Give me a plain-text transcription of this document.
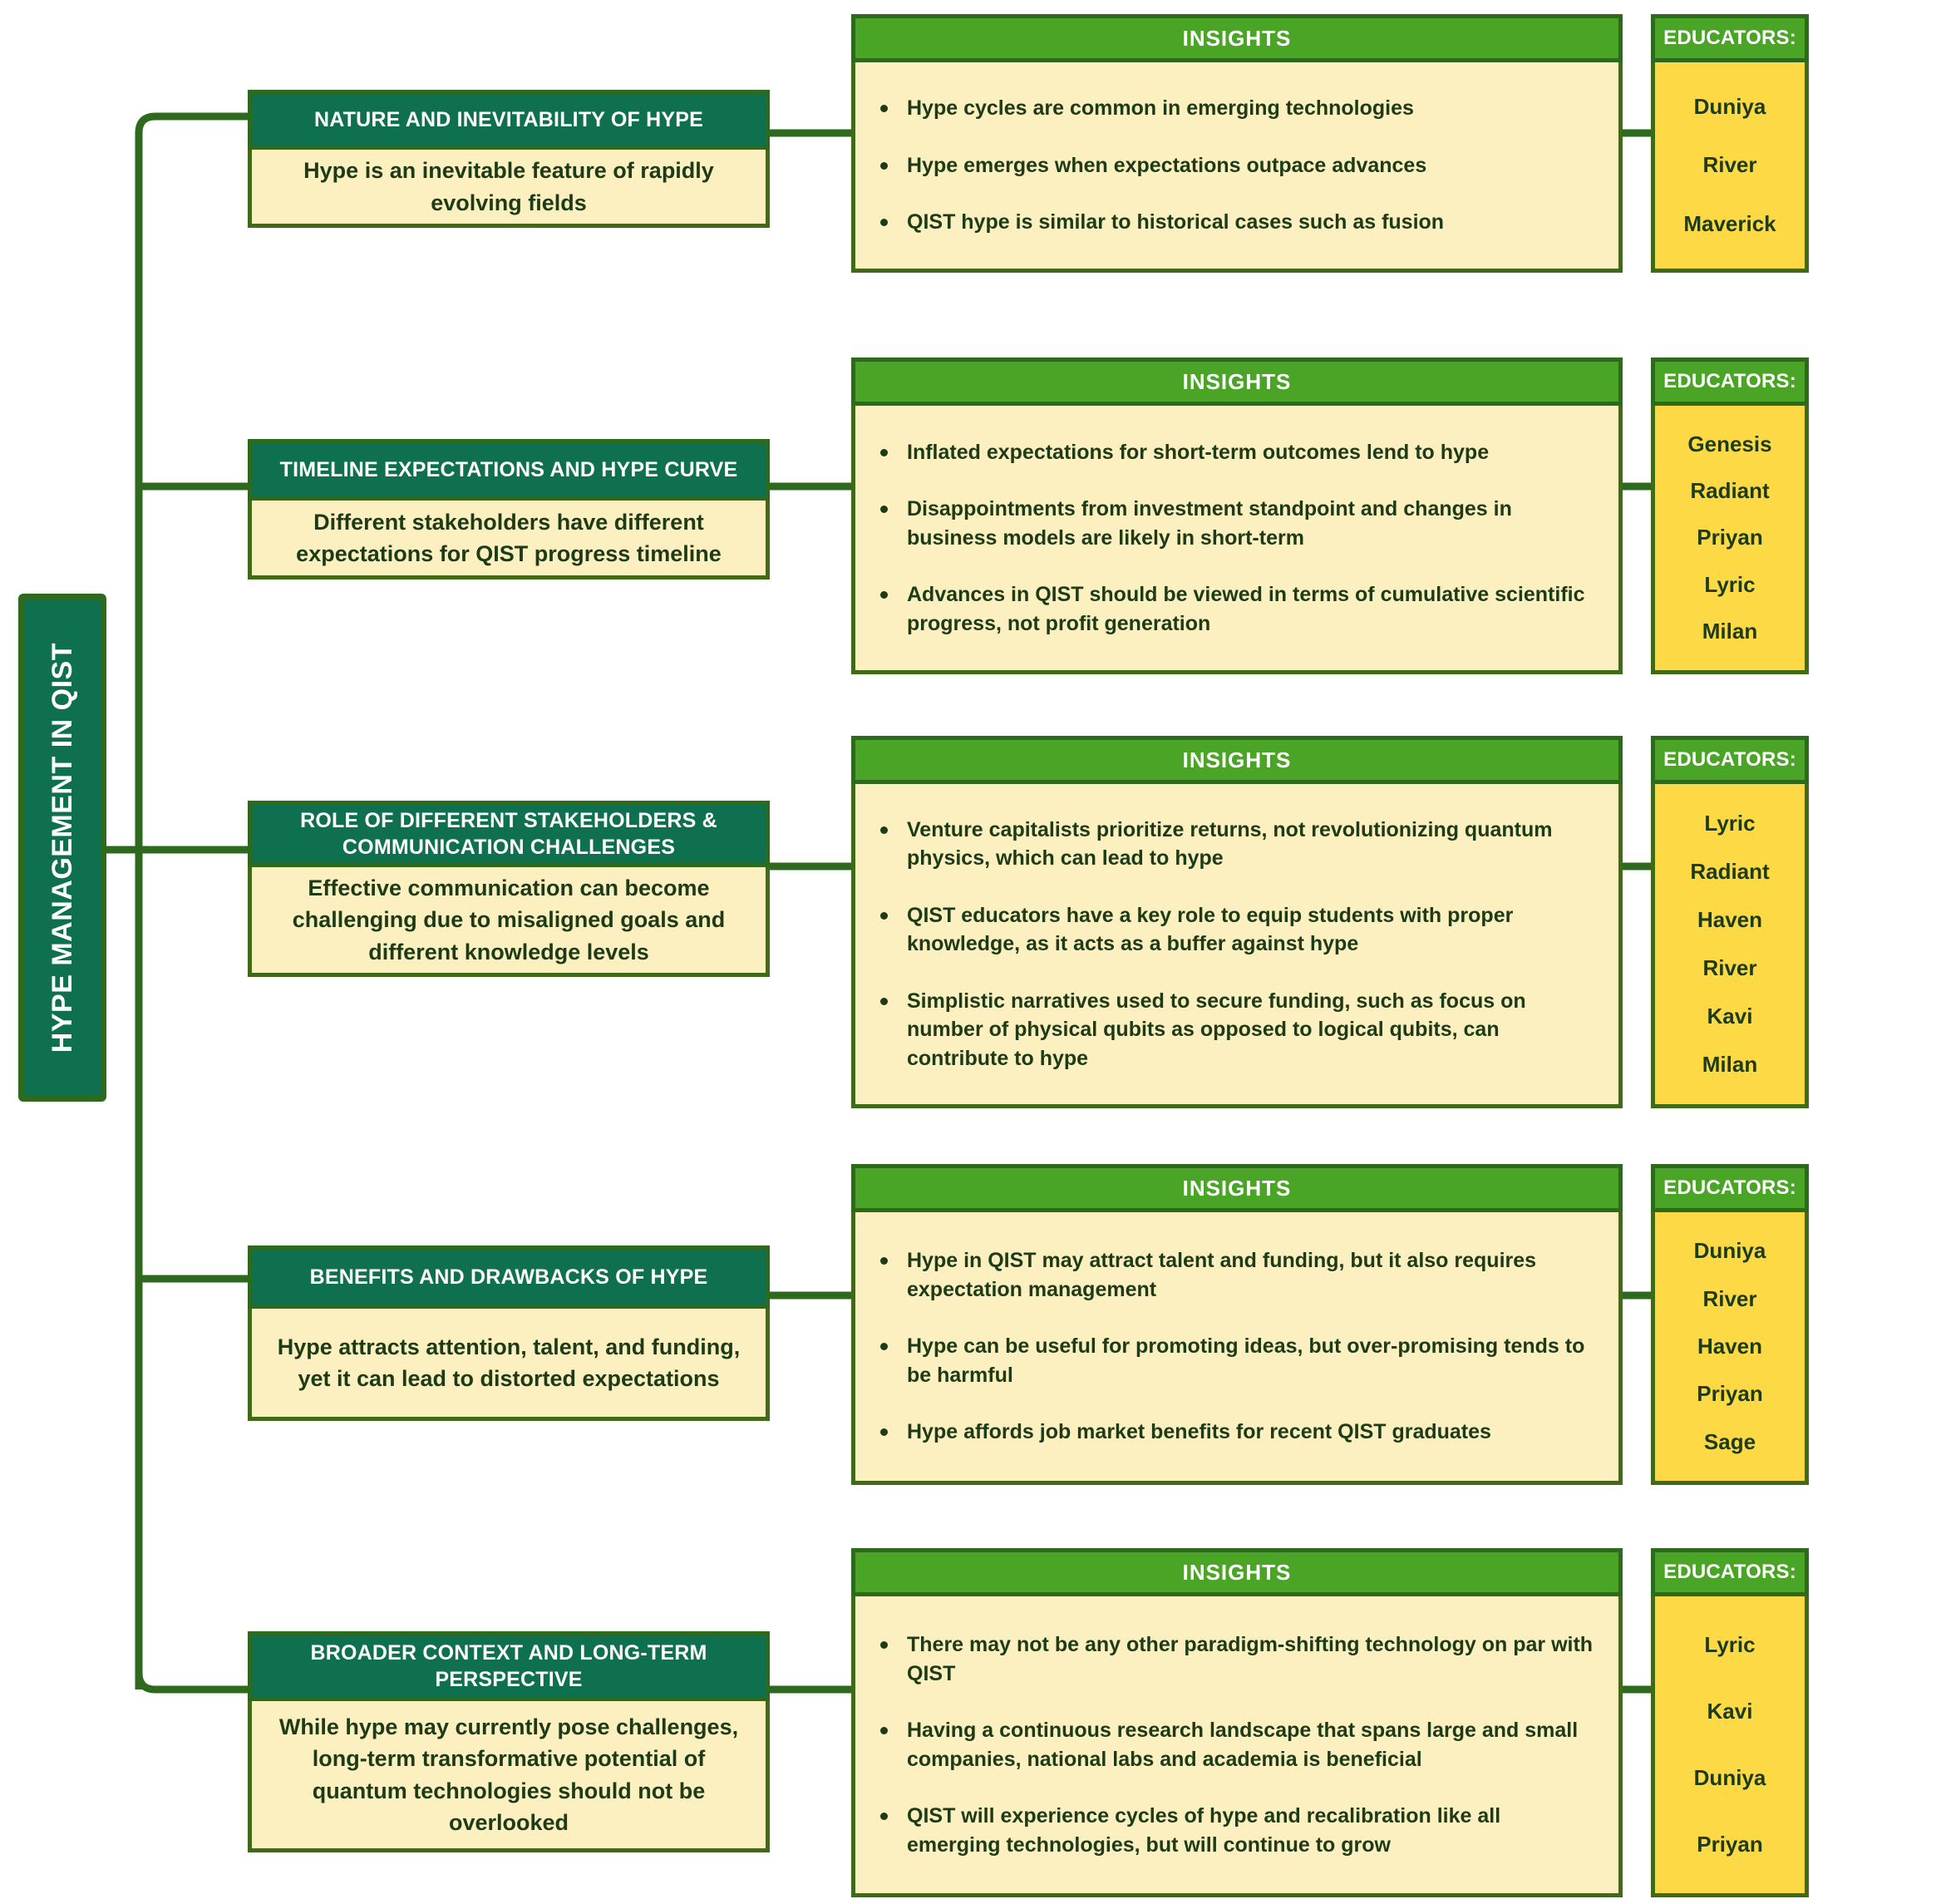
HYPE MANAGEMENT IN QIST
NATURE AND INEVITABILITY OF HYPE
Hype is an inevitable feature of rapidly evolving fields
INSIGHTS
Hype cycles are common in emerging technologies
Hype emerges when expectations outpace advances
QIST hype is similar to historical cases such as fusion
EDUCATORS:
Duniya
River
Maverick
TIMELINE EXPECTATIONS AND HYPE CURVE
Different stakeholders have different expectations for QIST progress timeline
INSIGHTS
Inflated expectations for short-term outcomes lend to hype
Disappointments from investment standpoint and changes in business models are likely in short-term
Advances in QIST should be viewed in terms of cumulative scientific progress, not profit generation
EDUCATORS:
Genesis
Radiant
Priyan
Lyric
Milan
ROLE OF DIFFERENT STAKEHOLDERS & COMMUNICATION CHALLENGES
Effective communication can become challenging due to misaligned goals and different knowledge levels
INSIGHTS
Venture capitalists prioritize returns, not revolutionizing quantum physics, which can lead to hype
QIST educators have a key role to equip students with proper knowledge, as it acts as a buffer against hype
Simplistic narratives used to secure funding, such as focus on number of physical qubits as opposed to logical qubits, can contribute to hype
EDUCATORS:
Lyric
Radiant
Haven
River
Kavi
Milan
BENEFITS AND DRAWBACKS OF HYPE
Hype attracts attention, talent, and funding, yet it can lead to distorted expectations
INSIGHTS
Hype in QIST may attract talent and funding, but it also requires expectation management
Hype can be useful for promoting ideas, but over-promising tends to be harmful
Hype affords job market benefits for recent QIST graduates
EDUCATORS:
Duniya
River
Haven
Priyan
Sage
BROADER CONTEXT AND LONG-TERM PERSPECTIVE
While hype may currently pose challenges, long-term transformative potential of quantum technologies should not be overlooked
INSIGHTS
There may not be any other paradigm-shifting technology on par with QIST
Having a continuous research landscape that spans large and small companies, national labs and academia is beneficial
QIST will experience cycles of hype and recalibration like all emerging technologies, but will continue to grow
EDUCATORS:
Lyric
Kavi
Duniya
Priyan
